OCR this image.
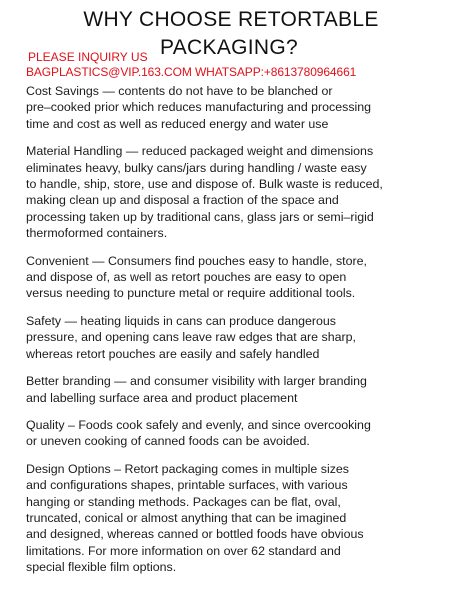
WHY CHOOSE RETORTABLE
PLEASE INQUIRY US PACKAGING?
BAGPLASTICS@VIP.163.COM WHATSAPP:+8613780964661

Cost Savings — contents do not have to be blanched or
pre–cooked prior which reduces manufacturing and processing
time and cost as well as reduced energy and water use

Material Handling — reduced packaged weight and dimensions
eliminates heavy, bulky cans/jars during handling / waste easy
to handle, ship, store, use and dispose of. Bulk waste is reduced,
making clean up and disposal a fraction of the space and
processing taken up by traditional cans, glass jars or semi–rigid
thermoformed containers.

Convenient — Consumers find pouches easy to handle, store,
and dispose of, as well as retort pouches are easy to open
versus needing to puncture metal or require additional tools.

Safety — heating liquids in cans can produce dangerous
pressure, and opening cans leave raw edges that are sharp,
whereas retort pouches are easily and safely handled

Better branding — and consumer visibility with larger branding
and labelling surface area and product placement

Quality – Foods cook safely and evenly, and since overcooking
or uneven cooking of canned foods can be avoided.

Design Options – Retort packaging comes in multiple sizes
and configurations shapes, printable surfaces, with various
hanging or standing methods. Packages can be flat, oval,
truncated, conical or almost anything that can be imagined
and designed, whereas canned or bottled foods have obvious
limitations. For more information on over 62 standard and
special flexible film options.
